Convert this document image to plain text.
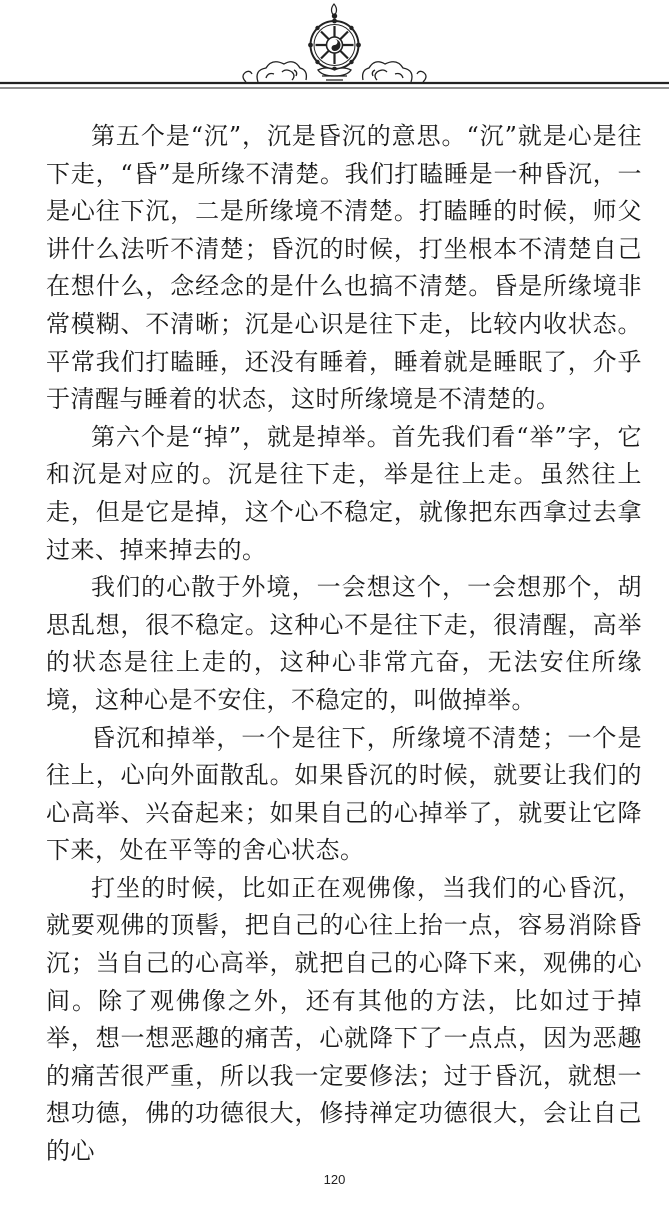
第五个是“沉”，沉是昏沉的意思。“沉”就是心是往下走，“昏”是所缘不清楚。我们打瞌睡是一种昏沉，一是心往下沉，二是所缘境不清楚。打瞌睡的时候，师父讲什么法听不清楚；昏沉的时候，打坐根本不清楚自己在想什么，念经念的是什么也搞不清楚。昏是所缘境非常模糊、不清晰；沉是心识是往下走，比较内收状态。平常我们打瞌睡，还没有睡着，睡着就是睡眠了，介乎于清醒与睡着的状态，这时所缘境是不清楚的。

第六个是“掉”，就是掉举。首先我们看“举”字，它和沉是对应的。沉是往下走，举是往上走。虽然往上走，但是它是掉，这个心不稳定，就像把东西拿过去拿过来、掉来掉去的。

我们的心散于外境，一会想这个，一会想那个，胡思乱想，很不稳定。这种心不是往下走，很清醒，高举的状态是往上走的，这种心非常亢奋，无法安住所缘境，这种心是不安住，不稳定的，叫做掉举。

昏沉和掉举，一个是往下，所缘境不清楚；一个是往上，心向外面散乱。如果昏沉的时候，就要让我们的心高举、兴奋起来；如果自己的心掉举了，就要让它降下来，处在平等的舍心状态。

打坐的时候，比如正在观佛像，当我们的心昏沉，就要观佛的顶髻，把自己的心往上抬一点，容易消除昏沉；当自己的心高举，就把自己的心降下来，观佛的心间。除了观佛像之外，还有其他的方法，比如过于掉举，想一想恶趣的痛苦，心就降下了一点点，因为恶趣的痛苦很严重，所以我一定要修法；过于昏沉，就想一想功德，佛的功德很大，修持禅定功德很大，会让自己的心

120
